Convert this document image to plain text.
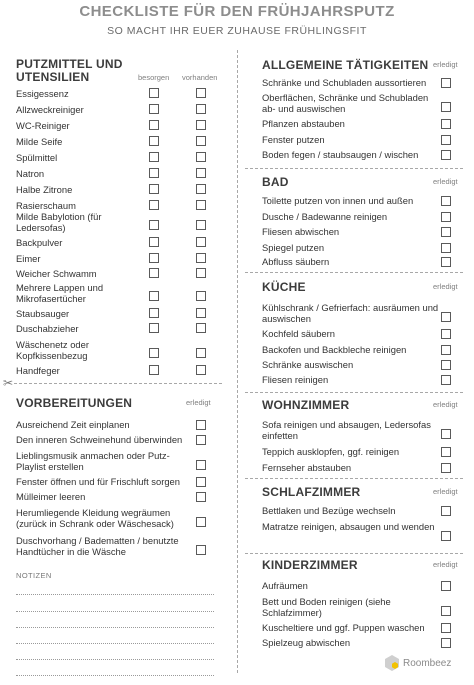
CHECKLISTE FÜR DEN FRÜHJAHRSPUTZ
SO MACHT IHR EUER ZUHAUSE FRÜHLINGSFIT
✂
PUTZMITTEL UND UTENSILIEN	besorgen vorhanden
Essigessenz
Allzweckreiniger
WC-Reiniger
Milde Seife
Spülmittel
Natron
Halbe Zitrone
Rasierschaum
Milde Babylotion (für Ledersofas)
Backpulver
Eimer
Weicher Schwamm
Mehrere Lappen und Mikrofasertücher
Staubsauger
Duschabzieher
Wäschenetz oder Kopfkissenbezug
Handfeger
VORBEREITUNGEN	erledigt
Ausreichend Zeit einplanen
Den inneren Schweinehund überwinden
Lieblingsmusik anmachen oder Putz-Playlist erstellen
Fenster öffnen und für Frischluft sorgen
Mülleimer leeren
Herumliegende Kleidung wegräumen (zurück in Schrank oder Wäschesack)
Duschvorhang / Badematten / benutzte Handtücher in die Wäsche
NOTIZEN
ALLGEMEINE TÄTIGKEITEN erledigt
Schränke und Schubladen aussortieren
Oberflächen, Schränke und Schubladen ab- und auswischen
Pflanzen abstauben
Fenster putzen
Boden fegen / staubsaugen / wischen
BAD	erledigt
Toilette putzen von innen und außen
Dusche / Badewanne reinigen
Fliesen abwischen
Spiegel putzen
Abfluss säubern
KÜCHE	erledigt
Kühlschrank / Gefrierfach: ausräumen und auswischen
Kochfeld säubern
Backofen und Backbleche reinigen
Schränke auswischen
Fliesen reinigen
WOHNZIMMER	erledigt
Sofa reinigen und absaugen, Ledersofas einfetten
Teppich ausklopfen, ggf. reinigen
Fernseher abstauben
SCHLAFZIMMER	erledigt
Bettlaken und Bezüge wechseln
Matratze reinigen, absaugen und wenden
KINDERZIMMER	erledigt
Aufräumen
Bett und Boden reinigen (siehe Schlafzimmer)
Kuscheltiere und ggf. Puppen waschen
Spielzeug abwischen
Roombeez
